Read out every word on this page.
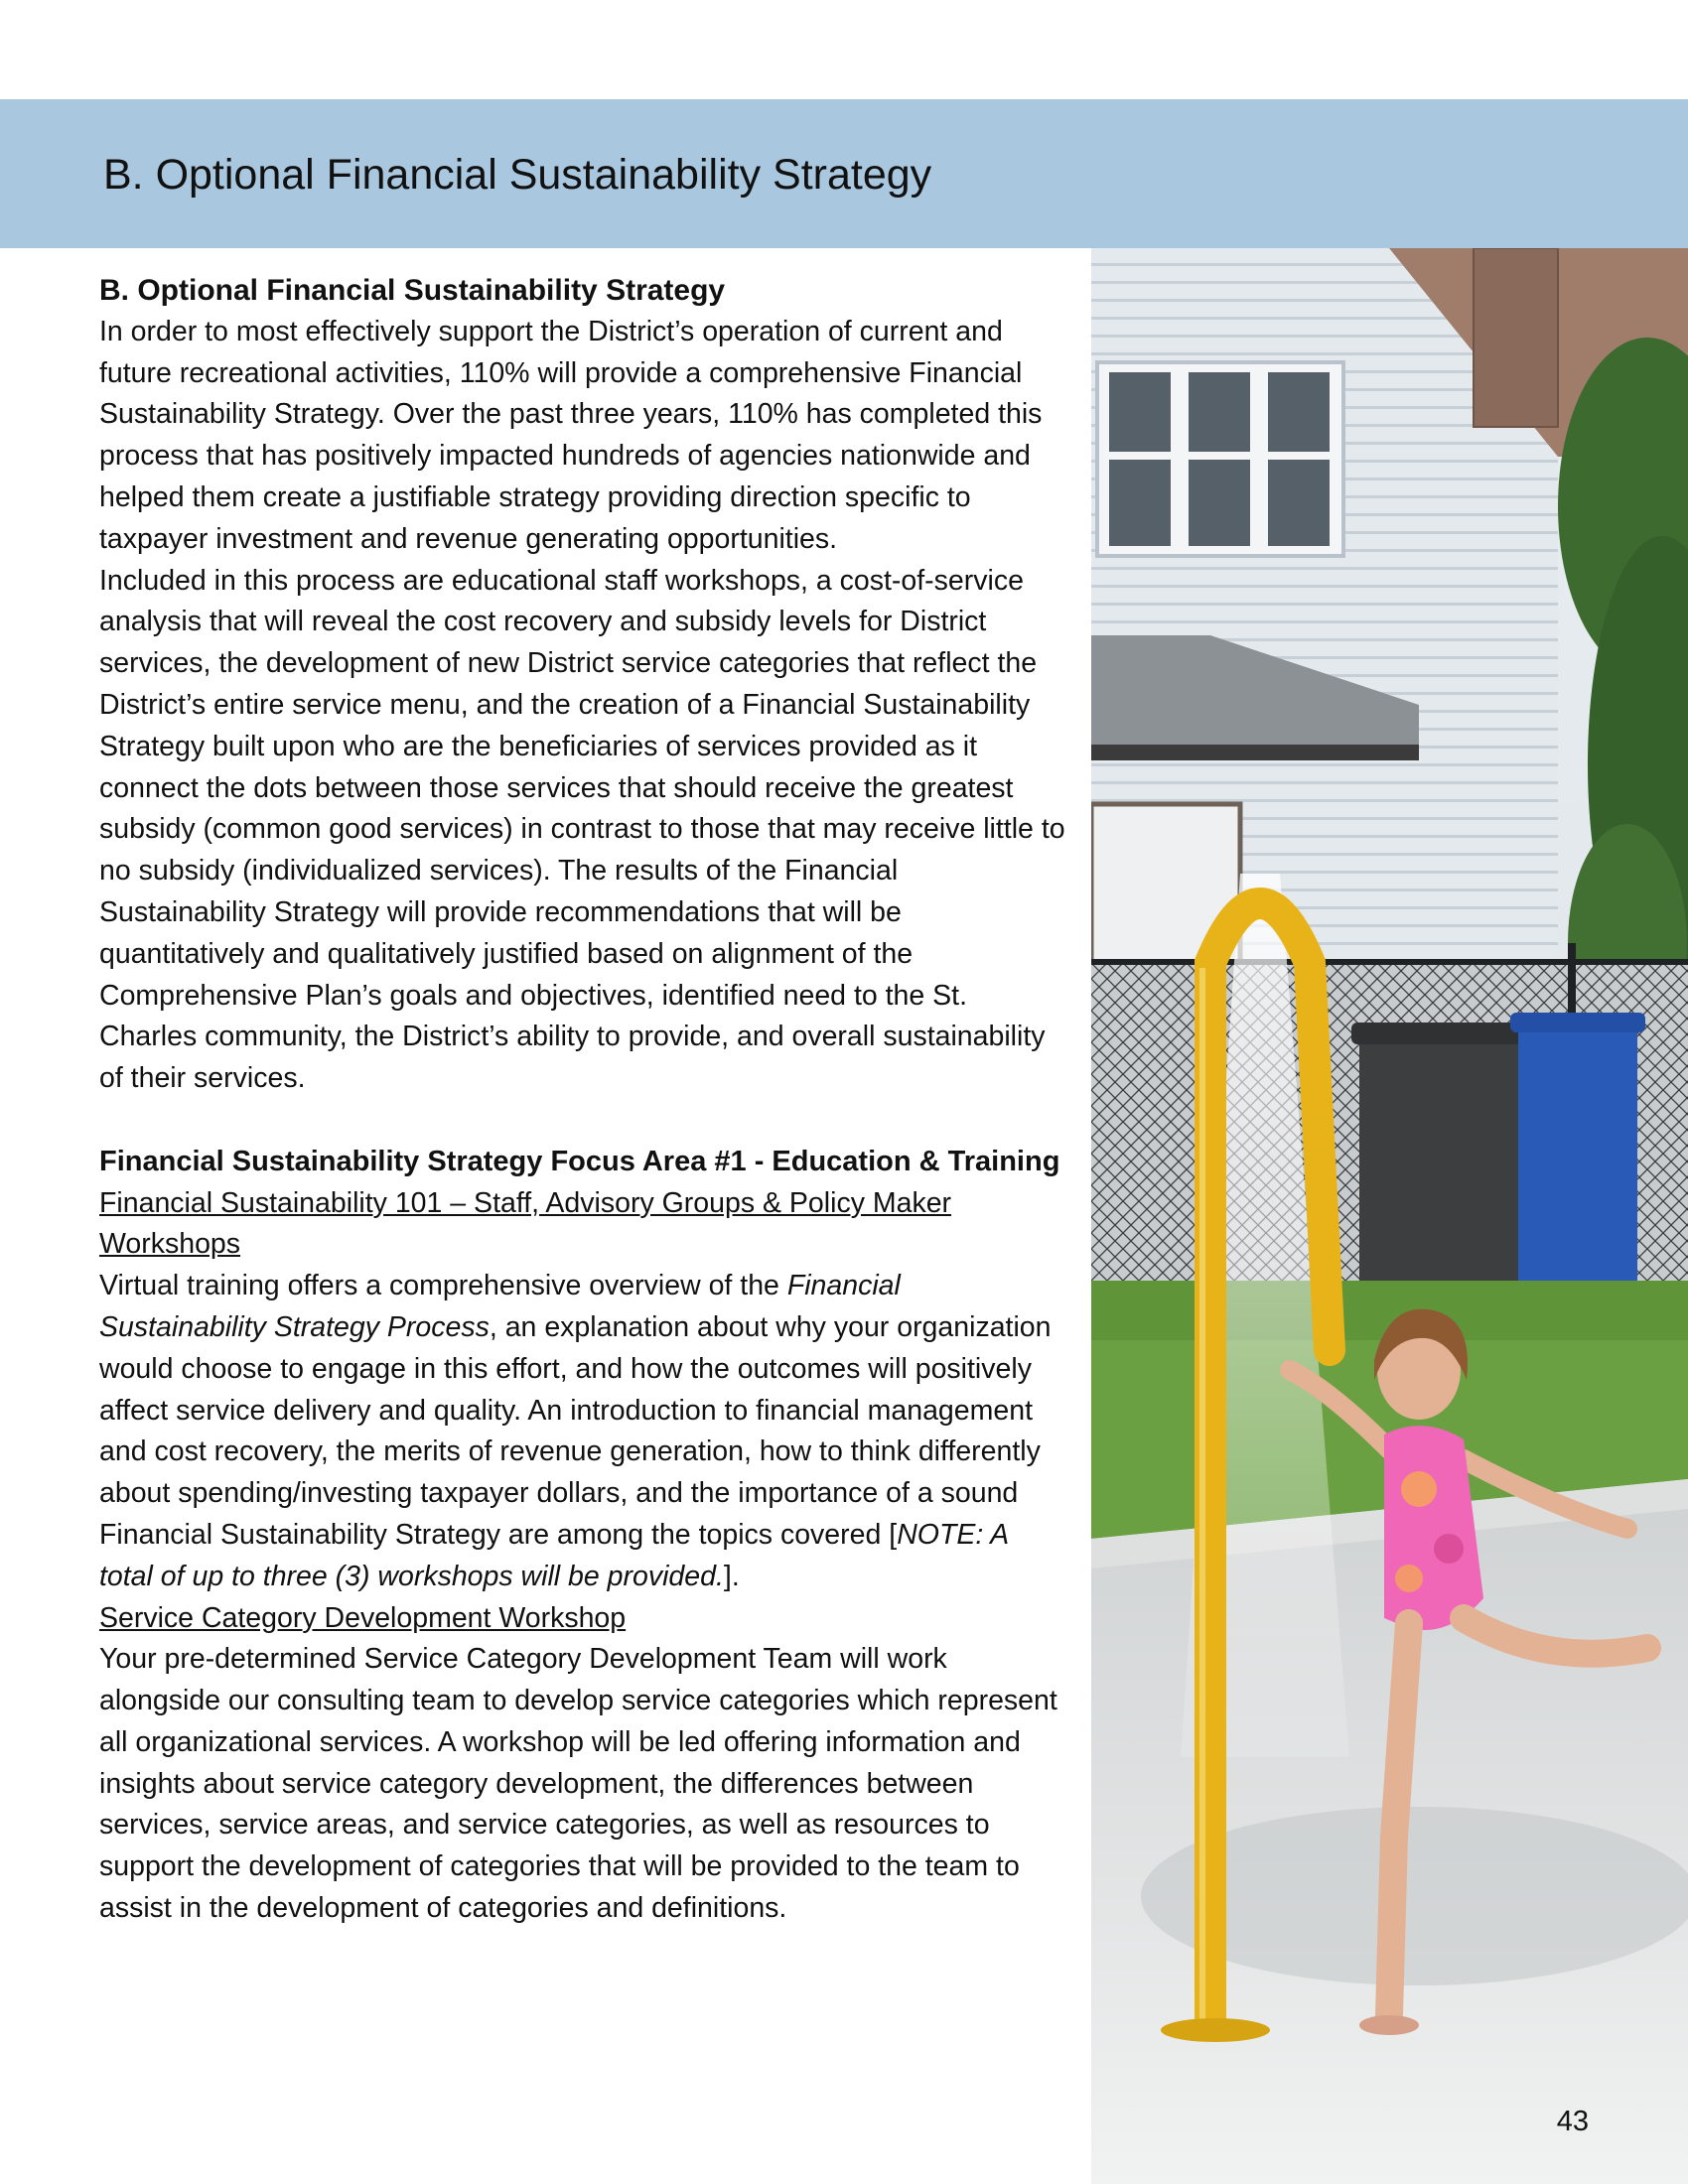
B. Optional Financial Sustainability Strategy
B. Optional Financial Sustainability Strategy

In order to most effectively support the District’s operation of current and future recreational activities, 110% will provide a comprehensive Financial Sustainability Strategy. Over the past three years, 110% has completed this process that has positively impacted hundreds of agencies nationwide and helped them create a justifiable strategy providing direction specific to taxpayer investment and revenue generating opportunities.

Included in this process are educational staff workshops, a cost-of-service analysis that will reveal the cost recovery and subsidy levels for District services, the development of new District service categories that reflect the District’s entire service menu, and the creation of a Financial Sustainability Strategy built upon who are the beneficiaries of services provided as it connect the dots between those services that should receive the greatest subsidy (common good services) in contrast to those that may receive little to no subsidy (individualized services). The results of the Financial Sustainability Strategy will provide recommendations that will be quantitatively and qualitatively justified based on alignment of the Comprehensive Plan’s goals and objectives, identified need to the St. Charles community, the District’s ability to provide, and overall sustainability of their services.

Financial Sustainability Strategy Focus Area #1 - Education & Training

Financial Sustainability 101 – Staff, Advisory Groups & Policy Maker Workshops

Virtual training offers a comprehensive overview of the Financial Sustainability Strategy Process, an explanation about why your organization would choose to engage in this effort, and how the outcomes will positively affect service delivery and quality. An introduction to financial management and cost recovery, the merits of revenue generation, how to think differently about spending/investing taxpayer dollars, and the importance of a sound Financial Sustainability Strategy are among the topics covered [NOTE: A total of up to three (3) workshops will be provided.].

Service Category Development Workshop

Your pre-determined Service Category Development Team will work alongside our consulting team to develop service categories which represent all organizational services. A workshop will be led offering information and insights about service category development, the differences between services, service areas, and service categories, as well as resources to support the development of categories that will be provided to the team to assist in the development of categories and definitions.

43
